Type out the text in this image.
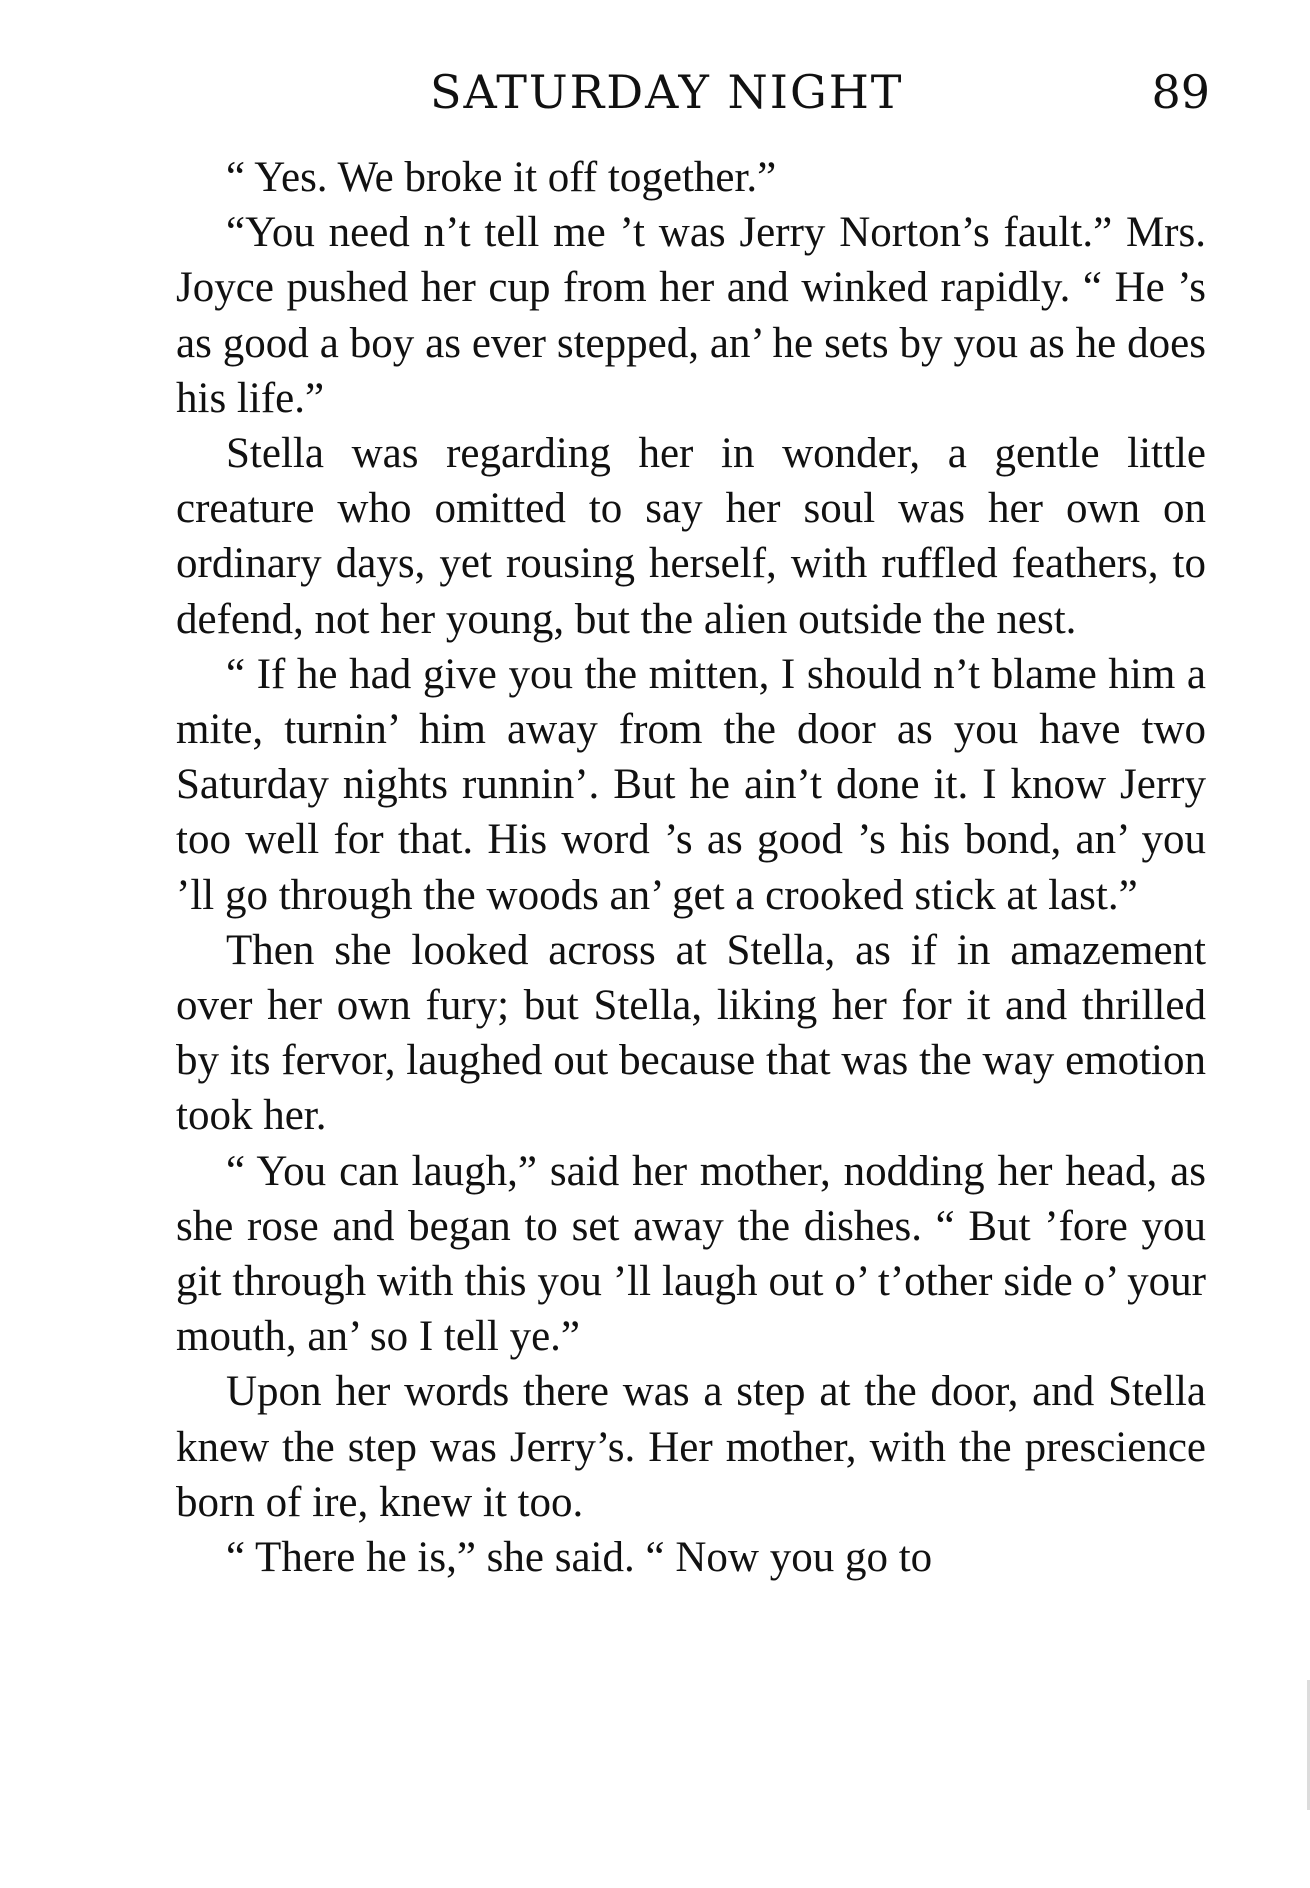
SATURDAY NIGHT	89

“ Yes. We broke it off together.”

“You need n’t tell me ’t was Jerry Norton’s fault.” Mrs. Joyce pushed her cup from her and winked rapidly. “ He ’s as good a boy as ever stepped, an’ he sets by you as he does his life.”

Stella was regarding her in wonder, a gentle little creature who omitted to say her soul was her own on ordinary days, yet rousing herself, with ruffled feathers, to defend, not her young, but the alien outside the nest.

“ If he had give you the mitten, I should n’t blame him a mite, turnin’ him away from the door as you have two Saturday nights runnin’. But he ain’t done it. I know Jerry too well for that. His word ’s as good ’s his bond, an’ you ’ll go through the woods an’ get a crooked stick at last.”

Then she looked across at Stella, as if in amazement over her own fury; but Stella, liking her for it and thrilled by its fervor, laughed out because that was the way emotion took her.

“ You can laugh,” said her mother, nodding her head, as she rose and began to set away the dishes. “ But ’fore you git through with this you ’ll laugh out o’ t’other side o’ your mouth, an’ so I tell ye.”

Upon her words there was a step at the door, and Stella knew the step was Jerry’s. Her mother, with the prescience born of ire, knew it too.

“ There he is,” she said. “ Now you go to
